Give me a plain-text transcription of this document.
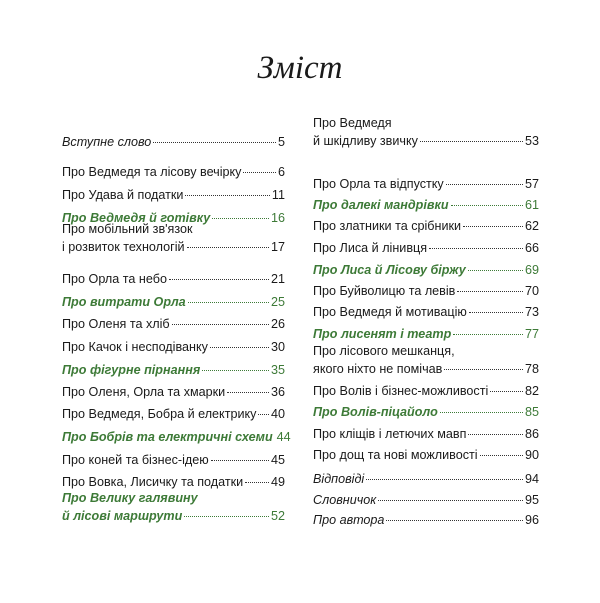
Зміст
Вступне слово	5
Про Ведмедя та лісову вечірку	6
Про Удава й податки	11
Про Ведмедя й готівку	16
Про мобільний зв'язок
і розвиток технологій	17
Про Орла та небо	21
Про витрати Орла	25
Про Оленя та хліб	26
Про Качок і несподіванку	30
Про фігурне пірнання	35
Про Оленя, Орла та хмарки	36
Про Ведмедя, Бобра й електрику 40
Про Бобрів та електричні схеми 44
Про коней та бізнес-ідею	45
Про Вовка, Лисичку та податки 49
Про Велику галявину
й лісові маршрути	52
Про Ведмедя
й шкідливу звичку	53
Про Орла та відпустку	57
Про далекі мандрівки	61
Про златники та срібники	62
Про Лиса й лінивця	66
Про Лиса й Лісову біржу	69
Про Буйволицю та левів	70
Про Ведмедя й мотивацію	73
Про лисенят і театр	77
Про лісового мешканця,
якого ніхто не помічав	78
Про Волів і бізнес-можливості	82
Про Волів-піцайоло	85
Про кліщів і летючих мавп	86
Про дощ та нові можливості	90
Відповіді	94
Словничок	95
Про автора	96
